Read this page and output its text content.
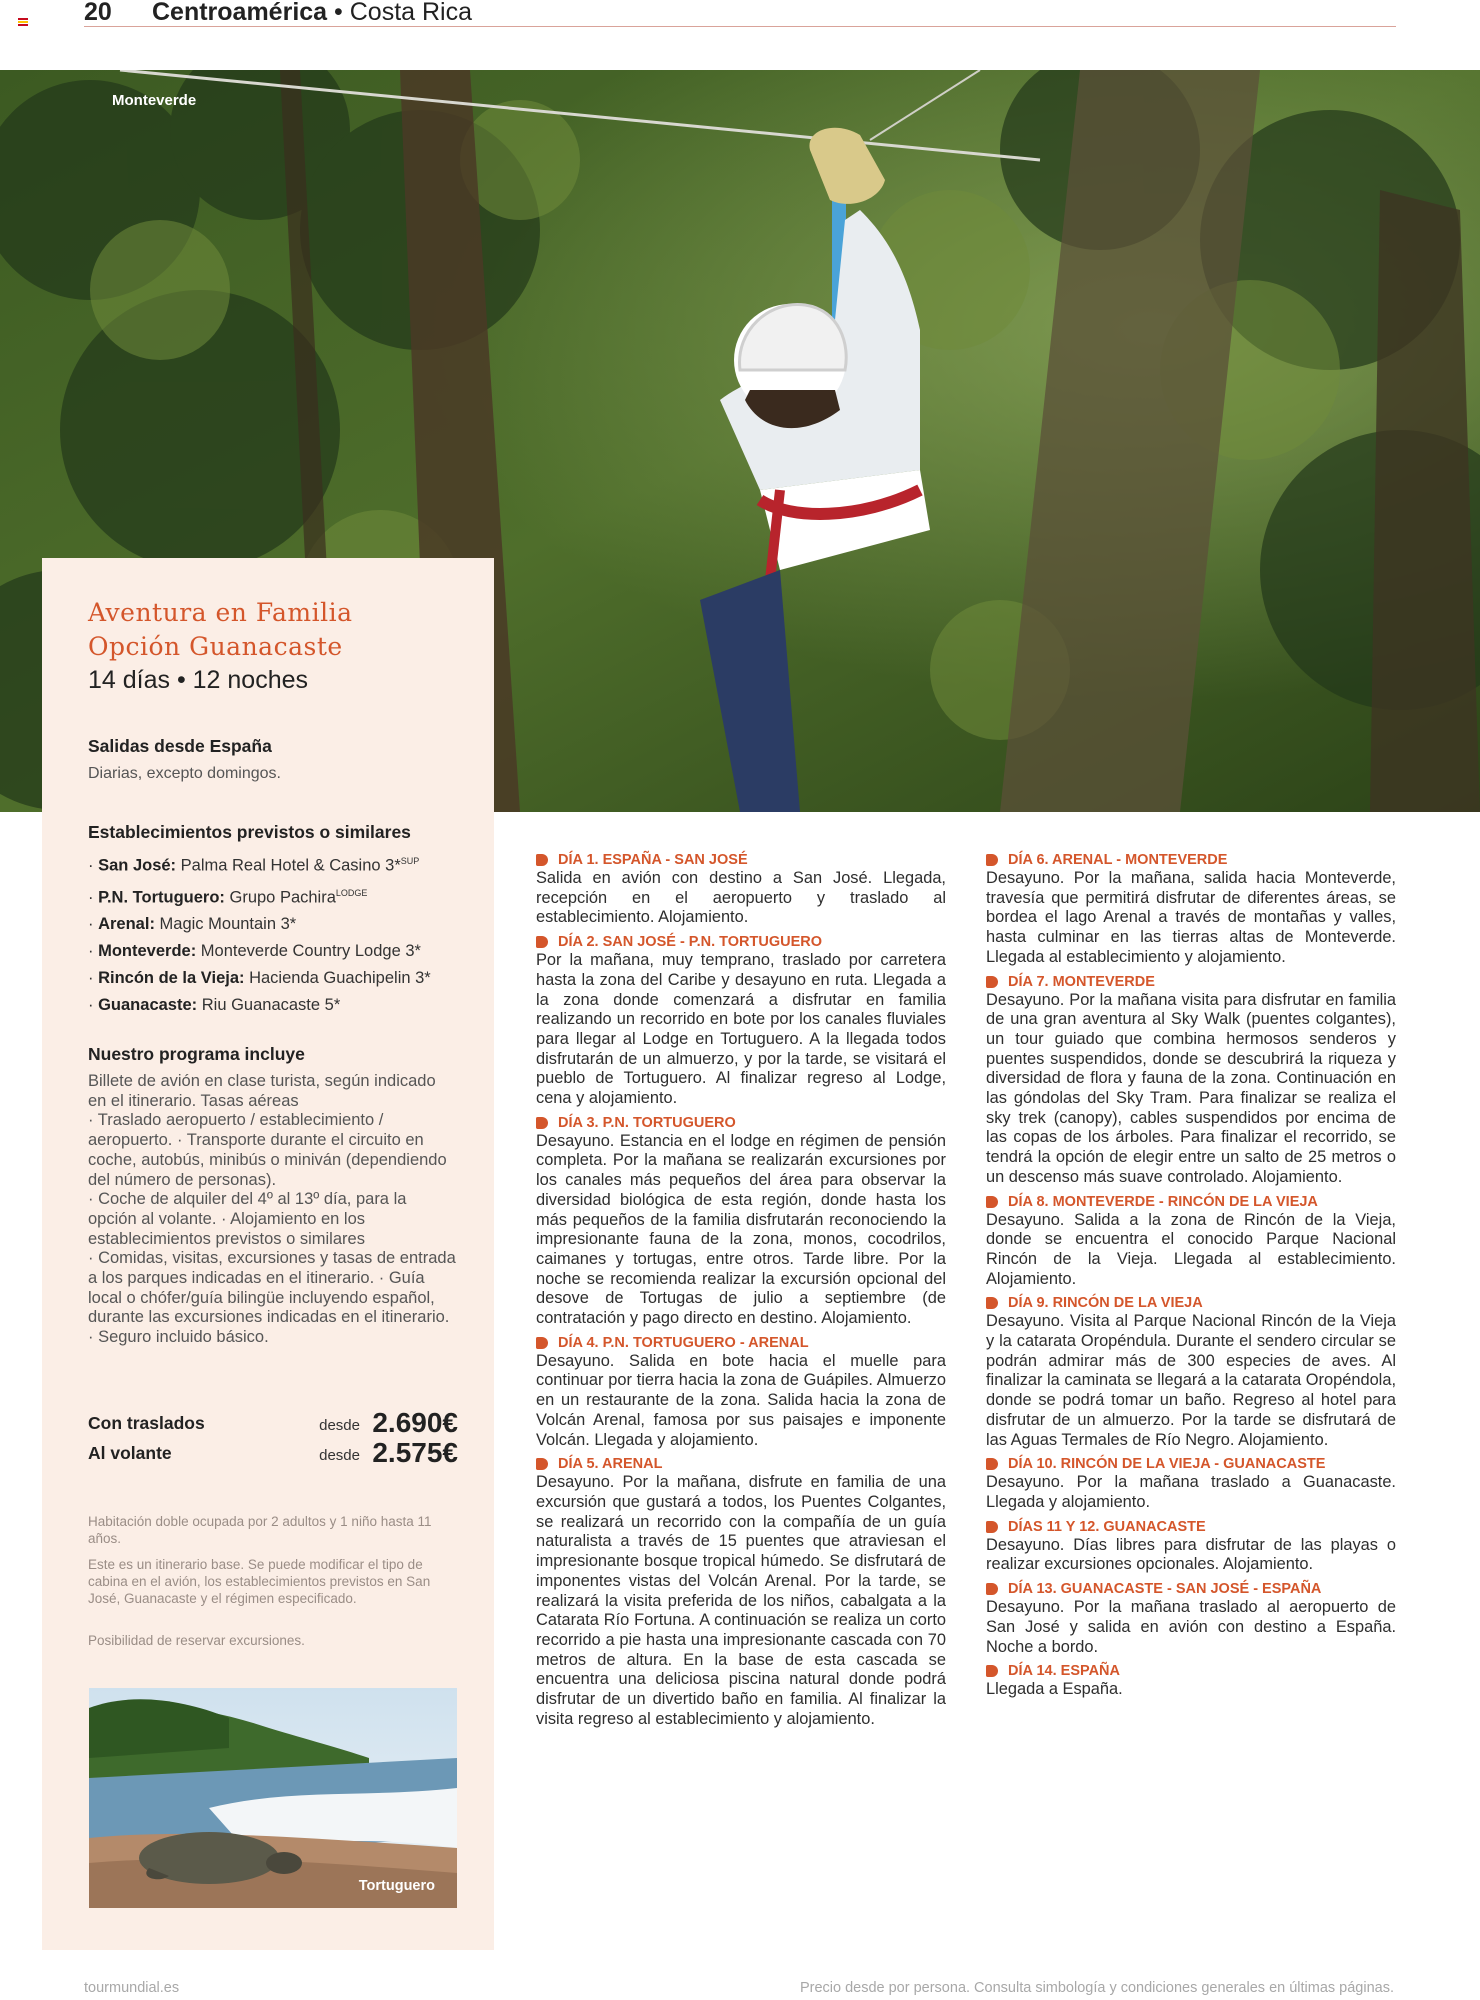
20 Centroamérica • Costa Rica
Monteverde
Aventura en Familia
Opción Guanacaste
14 días • 12 noches
Salidas desde España
Diarias, excepto domingos.
Establecimientos previstos o similares
· San José: Palma Real Hotel & Casino 3*$^{SUP}$
· P.N. Tortuguero: Grupo Pachira$^{LODGE}$
· Arenal: Magic Mountain 3*
· Monteverde: Monteverde Country Lodge 3*
· Rincón de la Vieja: Hacienda Guachipelin 3*
· Guanacaste: Riu Guanacaste 5*
Nuestro programa incluye
Billete de avión en clase turista, según indicado en el itinerario. Tasas aéreas
· Traslado aeropuerto / establecimiento / aeropuerto. · Transporte durante el circuito en coche, autobús, minibús o miniván (dependiendo del número de personas).
· Coche de alquiler del 4º al 13º día, para la opción al volante. · Alojamiento en los establecimientos previstos o similares
· Comidas, visitas, excursiones y tasas de entrada a los parques indicadas en el itinerario. · Guía local o chófer/guía bilingüe incluyendo español, durante las excursiones indicadas en el itinerario.
· Seguro incluido básico.
Con traslados	desde 2.690€
Al volante	desde 2.575€
Habitación doble ocupada por 2 adultos y 1 niño hasta 11 años.
Este es un itinerario base. Se puede modificar el tipo de cabina en el avión, los establecimientos previstos en San José, Guanacaste y el régimen especificado.
Posibilidad de reservar excursiones.
Tortuguero
DÍA 1. ESPAÑA - SAN JOSÉ
Salida en avión con destino a San José. Llegada, recepción en el aeropuerto y traslado al establecimiento. Alojamiento.
DÍA 2. SAN JOSÉ - P.N. TORTUGUERO
Por la mañana, muy temprano, traslado por carretera hasta la zona del Caribe y desayuno en ruta. Llegada a la zona donde comenzará a disfrutar en familia realizando un recorrido en bote por los canales fluviales para llegar al Lodge en Tortuguero. A la llegada todos disfrutarán de un almuerzo, y por la tarde, se visitará el pueblo de Tortuguero. Al finalizar regreso al Lodge, cena y alojamiento.
DÍA 3. P.N. TORTUGUERO
Desayuno. Estancia en el lodge en régimen de pensión completa. Por la mañana se realizarán excursiones por los canales más pequeños del área para observar la diversidad biológica de esta región, donde hasta los más pequeños de la familia disfrutarán reconociendo la impresionante fauna de la zona, monos, cocodrilos, caimanes y tortugas, entre otros. Tarde libre. Por la noche se recomienda realizar la excursión opcional del desove de Tortugas de julio a septiembre (de contratación y pago directo en destino. Alojamiento.
DÍA 4. P.N. TORTUGUERO - ARENAL
Desayuno. Salida en bote hacia el muelle para continuar por tierra hacia la zona de Guápiles. Almuerzo en un restaurante de la zona. Salida hacia la zona de Volcán Arenal, famosa por sus paisajes e imponente Volcán. Llegada y alojamiento.
DÍA 5. ARENAL
Desayuno. Por la mañana, disfrute en familia de una excursión que gustará a todos, los Puentes Colgantes, se realizará un recorrido con la compañía de un guía naturalista a través de 15 puentes que atraviesan el impresionante bosque tropical húmedo. Se disfrutará de imponentes vistas del Volcán Arenal. Por la tarde, se realizará la visita preferida de los niños, cabalgata a la Catarata Río Fortuna. A continuación se realiza un corto recorrido a pie hasta una impresionante cascada con 70 metros de altura. En la base de esta cascada se encuentra una deliciosa piscina natural donde podrá disfrutar de un divertido baño en familia. Al finalizar la visita regreso al establecimiento y alojamiento.
DÍA 6. ARENAL - MONTEVERDE
Desayuno. Por la mañana, salida hacia Monteverde, travesía que permitirá disfrutar de diferentes áreas, se bordea el lago Arenal a través de montañas y valles, hasta culminar en las tierras altas de Monteverde. Llegada al establecimiento y alojamiento.
DÍA 7. MONTEVERDE
Desayuno. Por la mañana visita para disfrutar en familia de una gran aventura al Sky Walk (puentes colgantes), un tour guiado que combina hermosos senderos y puentes suspendidos, donde se descubrirá la riqueza y diversidad de flora y fauna de la zona. Continuación en las góndolas del Sky Tram. Para finalizar se realiza el sky trek (canopy), cables suspendidos por encima de las copas de los árboles. Para finalizar el recorrido, se tendrá la opción de elegir entre un salto de 25 metros o un descenso más suave controlado. Alojamiento.
DÍA 8. MONTEVERDE - RINCÓN DE LA VIEJA
Desayuno. Salida a la zona de Rincón de la Vieja, donde se encuentra el conocido Parque Nacional Rincón de la Vieja. Llegada al establecimiento. Alojamiento.
DÍA 9. RINCÓN DE LA VIEJA
Desayuno. Visita al Parque Nacional Rincón de la Vieja y la catarata Oropéndula. Durante el sendero circular se podrán admirar más de 300 especies de aves. Al finalizar la caminata se llegará a la catarata Oropéndola, donde se podrá tomar un baño. Regreso al hotel para disfrutar de un almuerzo. Por la tarde se disfrutará de las Aguas Termales de Río Negro. Alojamiento.
DÍA 10. RINCÓN DE LA VIEJA - GUANACASTE
Desayuno. Por la mañana traslado a Guanacaste. Llegada y alojamiento.
DÍAS 11 Y 12. GUANACASTE
Desayuno. Días libres para disfrutar de las playas o realizar excursiones opcionales. Alojamiento.
DÍA 13. GUANACASTE - SAN JOSÉ - ESPAÑA
Desayuno. Por la mañana traslado al aeropuerto de San José y salida en avión con destino a España. Noche a bordo.
DÍA 14. ESPAÑA
Llegada a España.
tourmundial.es	Precio desde por persona. Consulta simbología y condiciones generales en últimas páginas.
